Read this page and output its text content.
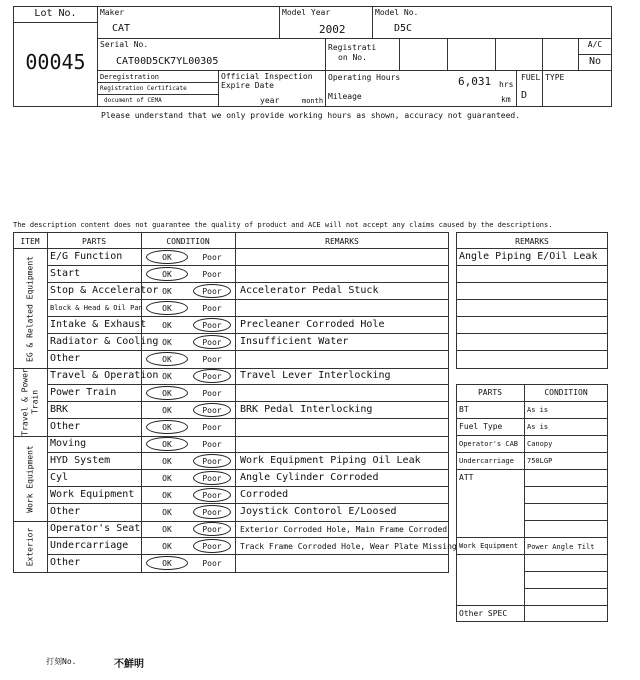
Lot No.
00045
Maker
CAT
Model Year
2002
Model No.
D5C
Serial No.
CAT00D5CK7YL00305
Registrati
on No.
A/C
No
Deregistration
Registration Certificate
document of CEMA
Official Inspection
Expire Date
year	month
Operating Hours	6,031 hrs
Mileage	km
FUEL TYPE
D
Please understand that we only provide working hours as shown, accuracy not guaranteed.
The description content does not guarantee the quality of product and ACE will not accept any claims caused by the descriptions.
ITEM	PARTS	CONDITION	REMARKS
EG & Related Equipment
Travel & Power Train
Work Equipment
Exterior
E/G Function	OK	Poor
Start	OK	Poor
Stop & Accelerator OK	Poor	Accelerator Pedal Stuck
Block & Head & Oil Pan	OK	Poor
Intake & Exhaust	OK	Poor	Precleaner Corroded Hole
Radiator & Cooling OK	Poor	Insufficient Water
Other	OK	Poor
Travel & Operation OK	Poor	Travel Lever Interlocking
Power Train	OK	Poor
BRK	OK	Poor	BRK Pedal Interlocking
Other	OK	Poor
Moving	OK	Poor
HYD System	OK	Poor	Work Equipment Piping Oil Leak
Cyl	OK	Poor	Angle Cylinder Corroded
Work Equipment	OK	Poor	Corroded
Other	OK	Poor	Joystick Contorol E/Loosed
Operator's Seat	OK	Poor	Exterior Corroded Hole, Main Frame Corroded
Undercarriage	OK	Poor	Track Frame Corroded Hole, Wear Plate Missing
Other	OK	Poor
REMARKS
Angle Piping E/Oil Leak
PARTS	CONDITION
BT	As is
Fuel Type	As is
Operator's CAB Canopy
Undercarriage 750LGP
ATT
Work Equipment Power Angle Tilt
Other SPEC
打刻No.	不鮮明
